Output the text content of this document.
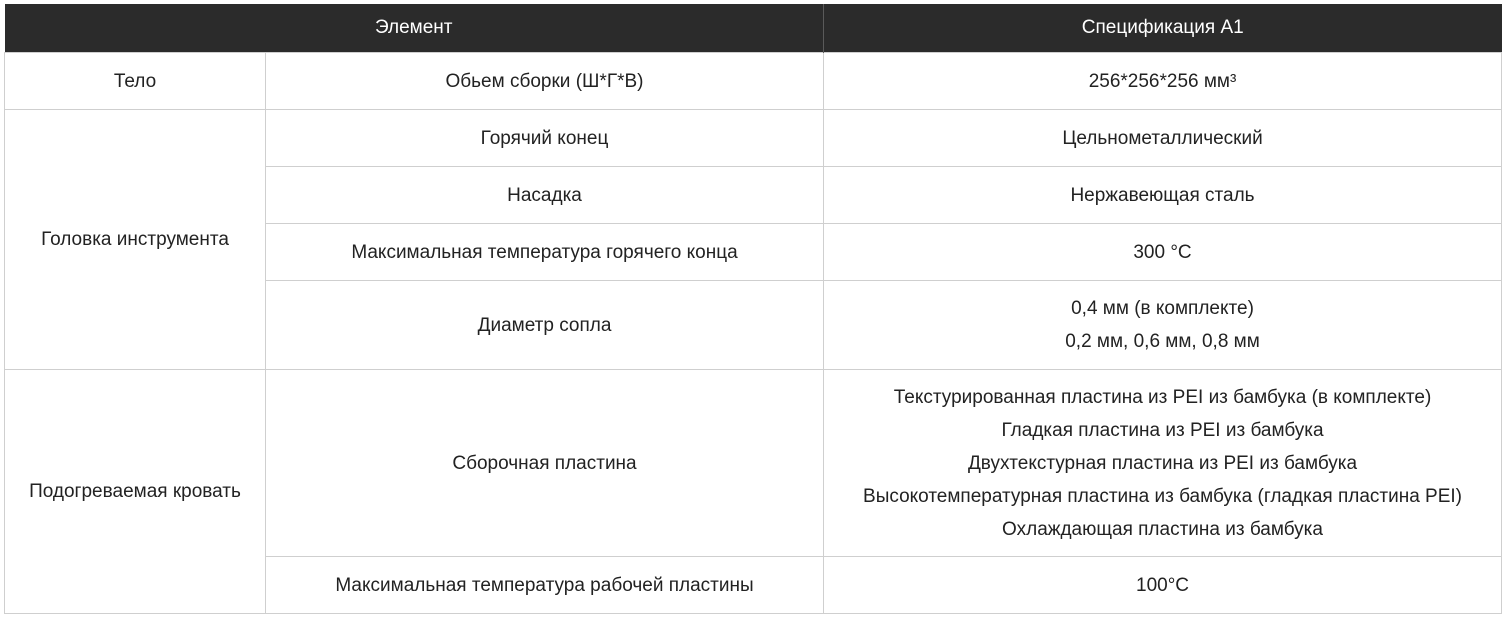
Элемент		Спецификация A1
Тело	Обьем сборки (Ш*Г*В)	256*256*256 мм³
Головка инструмента	Горячий конец	Цельнометаллический
	Насадка	Нержавеющая сталь
	Максимальная температура горячего конца	300 °C
	Диаметр сопла	0,4 мм (в комплекте)
0,2 мм, 0,6 мм, 0,8 мм

Подогреваемая кровать	Сборочная пластина	Текстурированная пластина из PEI из бамбука (в комплекте)
Гладкая пластина из PEI из бамбука
Двухтекстурная пластина из PEI из бамбука
Высокотемпературная пластина из бамбука (гладкая пластина PEI)
Охлаждающая пластина из бамбука

	Максимальная температура рабочей пластины	100°C
